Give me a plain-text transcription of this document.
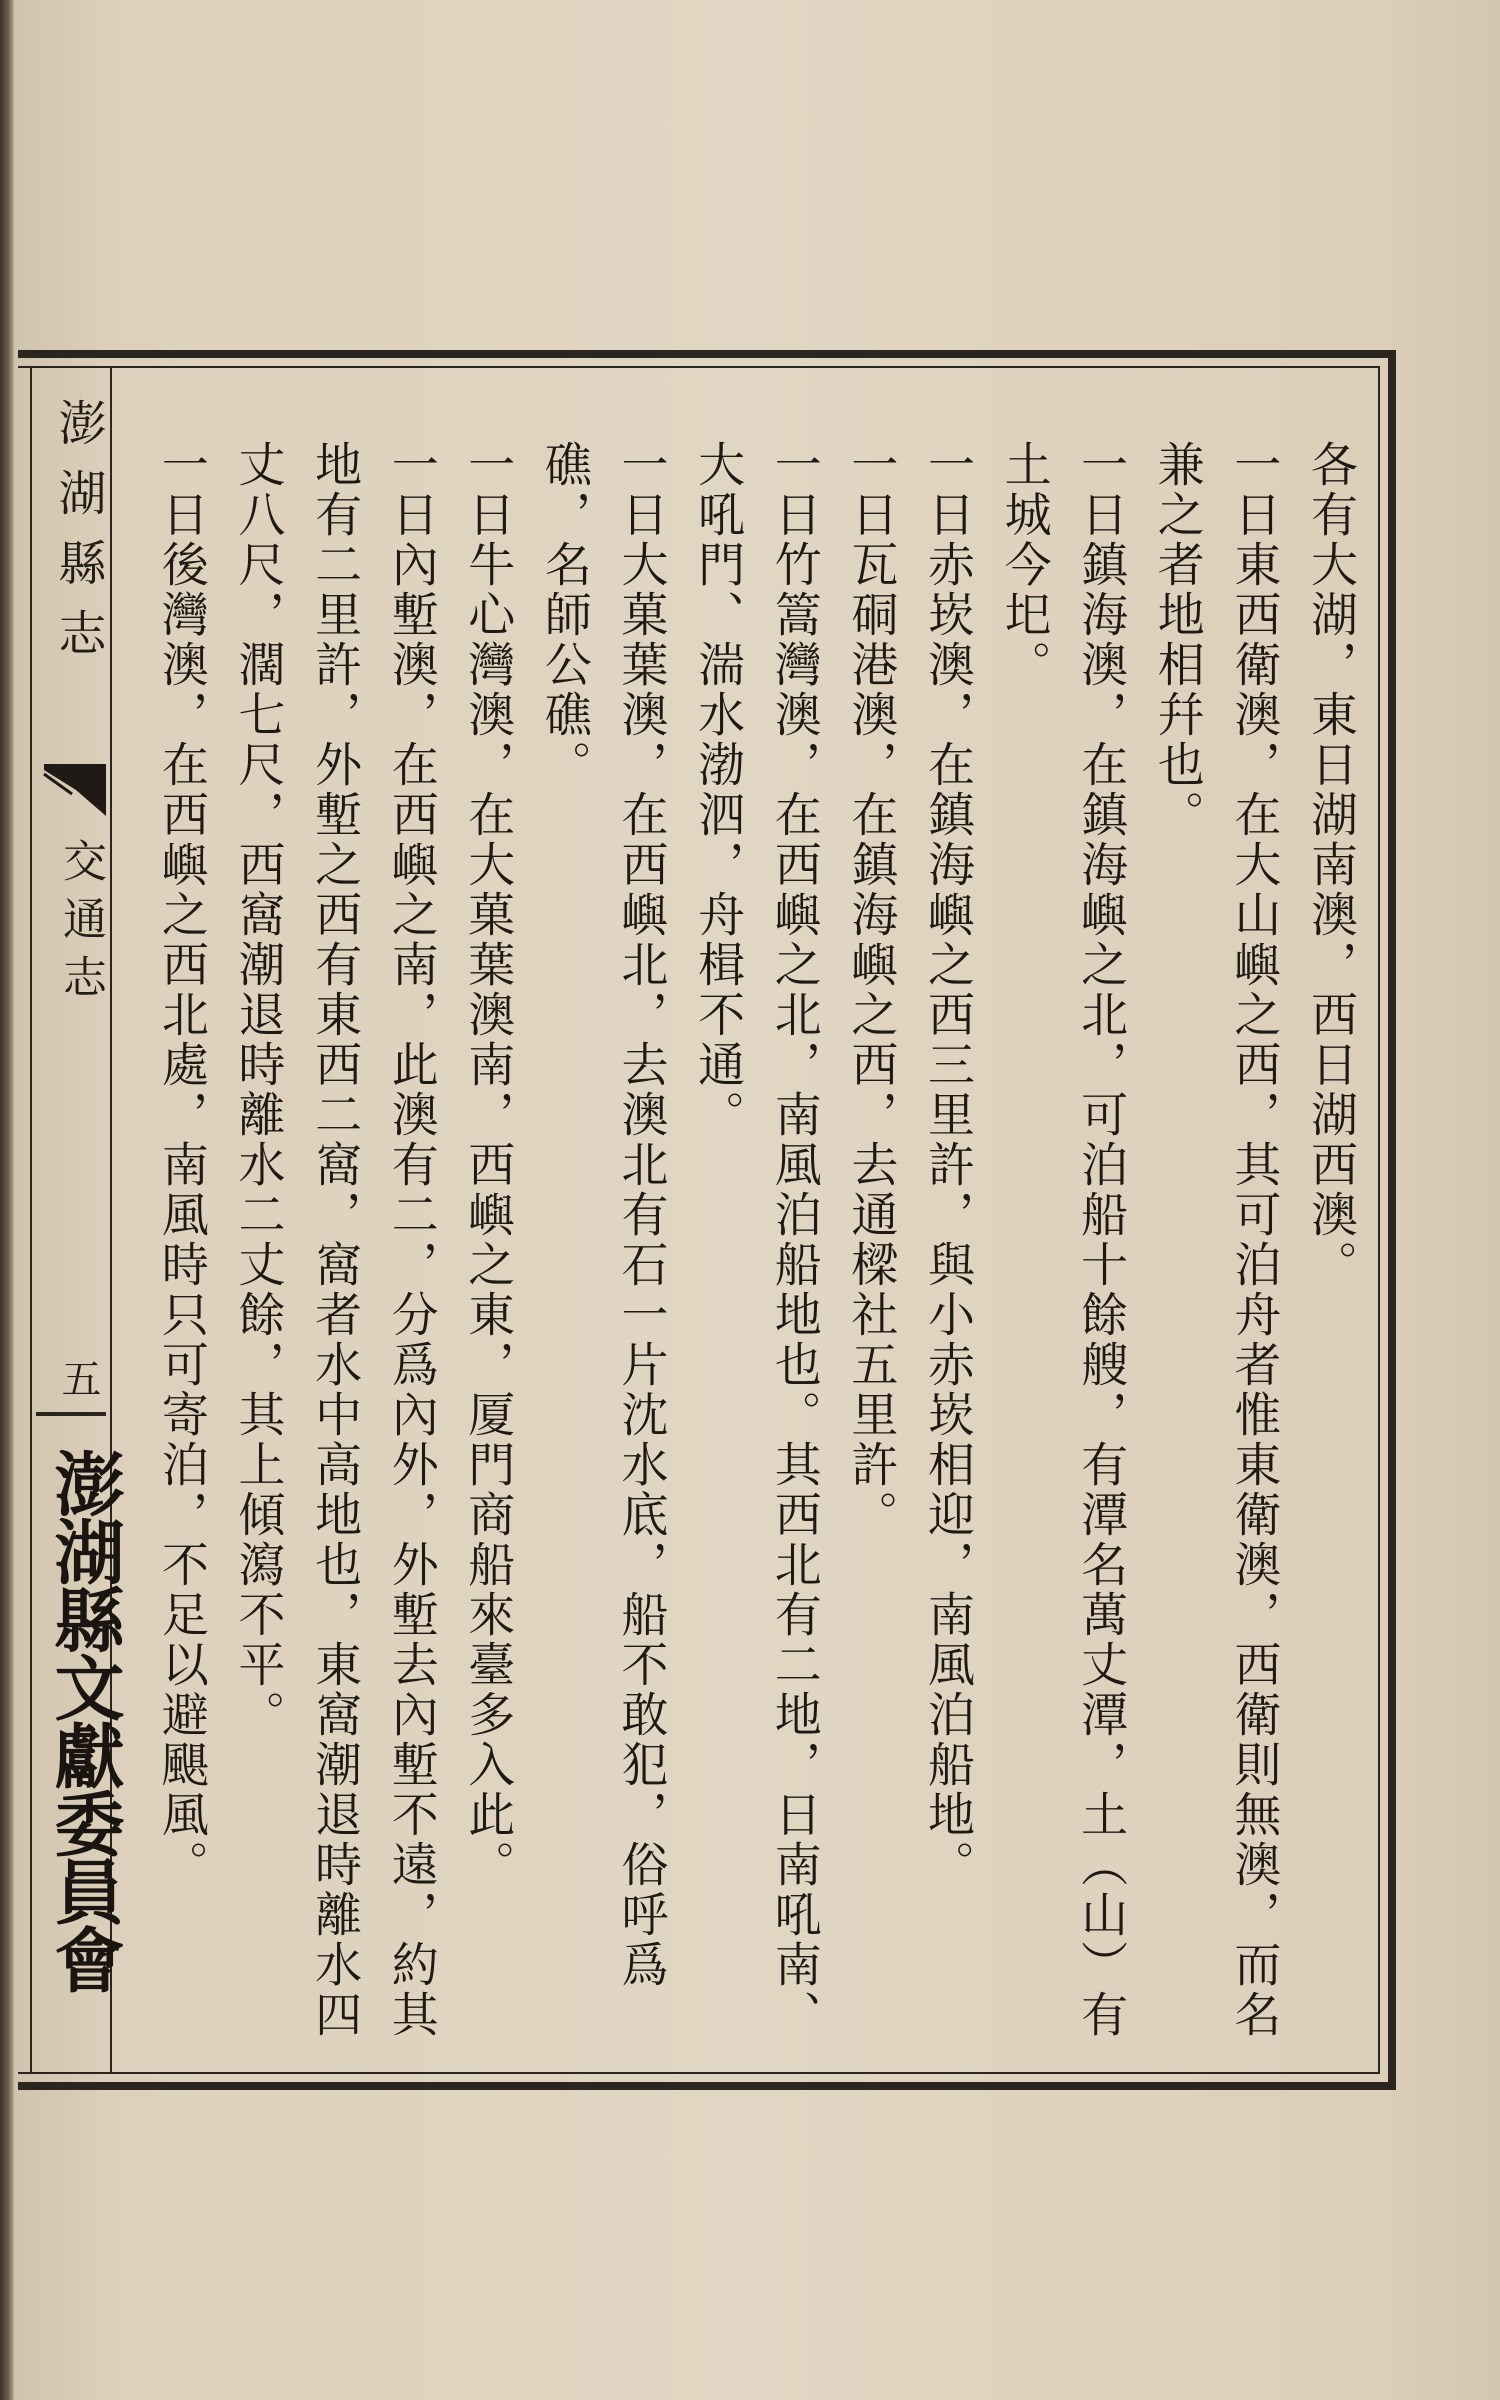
澎湖縣志
交通志
五
澎湖縣文獻委員會

各有大湖，東日湖南澳，西日湖西澳。

一日東西衛澳，在大山嶼之西，其可泊舟者惟東衛澳，西衛則無澳，而名兼之者地相幷也。

一日鎮海澳，在鎮海嶼之北，可泊船十餘艘，有潭名萬丈潭，土（山）有土城今圯。

一日赤崁澳，在鎮海嶼之西三里許，與小赤崁相迎，南風泊船地。

一日瓦硐港澳，在鎮海嶼之西，去通樑社五里許。

一日竹篙灣澳，在西嶼之北，南風泊船地也。其西北有二地，日南吼南、大吼門、湍水渤泗，舟楫不通。

一日大菓葉澳，在西嶼北，去澳北有石一片沈水底，船不敢犯，俗呼爲礁，名師公礁。

一日牛心灣澳，在大菓葉澳南，西嶼之東，厦門商船來臺多入此。

一日內塹澳，在西嶼之南，此澳有二，分爲內外，外塹去內塹不遠，約其地有二里許，外塹之西有東西二窩，窩者水中高地也，東窩潮退時離水四丈八尺，濶七尺，西窩潮退時離水二丈餘，其上傾瀉不平。

一日後灣澳，在西嶼之西北處，南風時只可寄泊，不足以避颶風。
